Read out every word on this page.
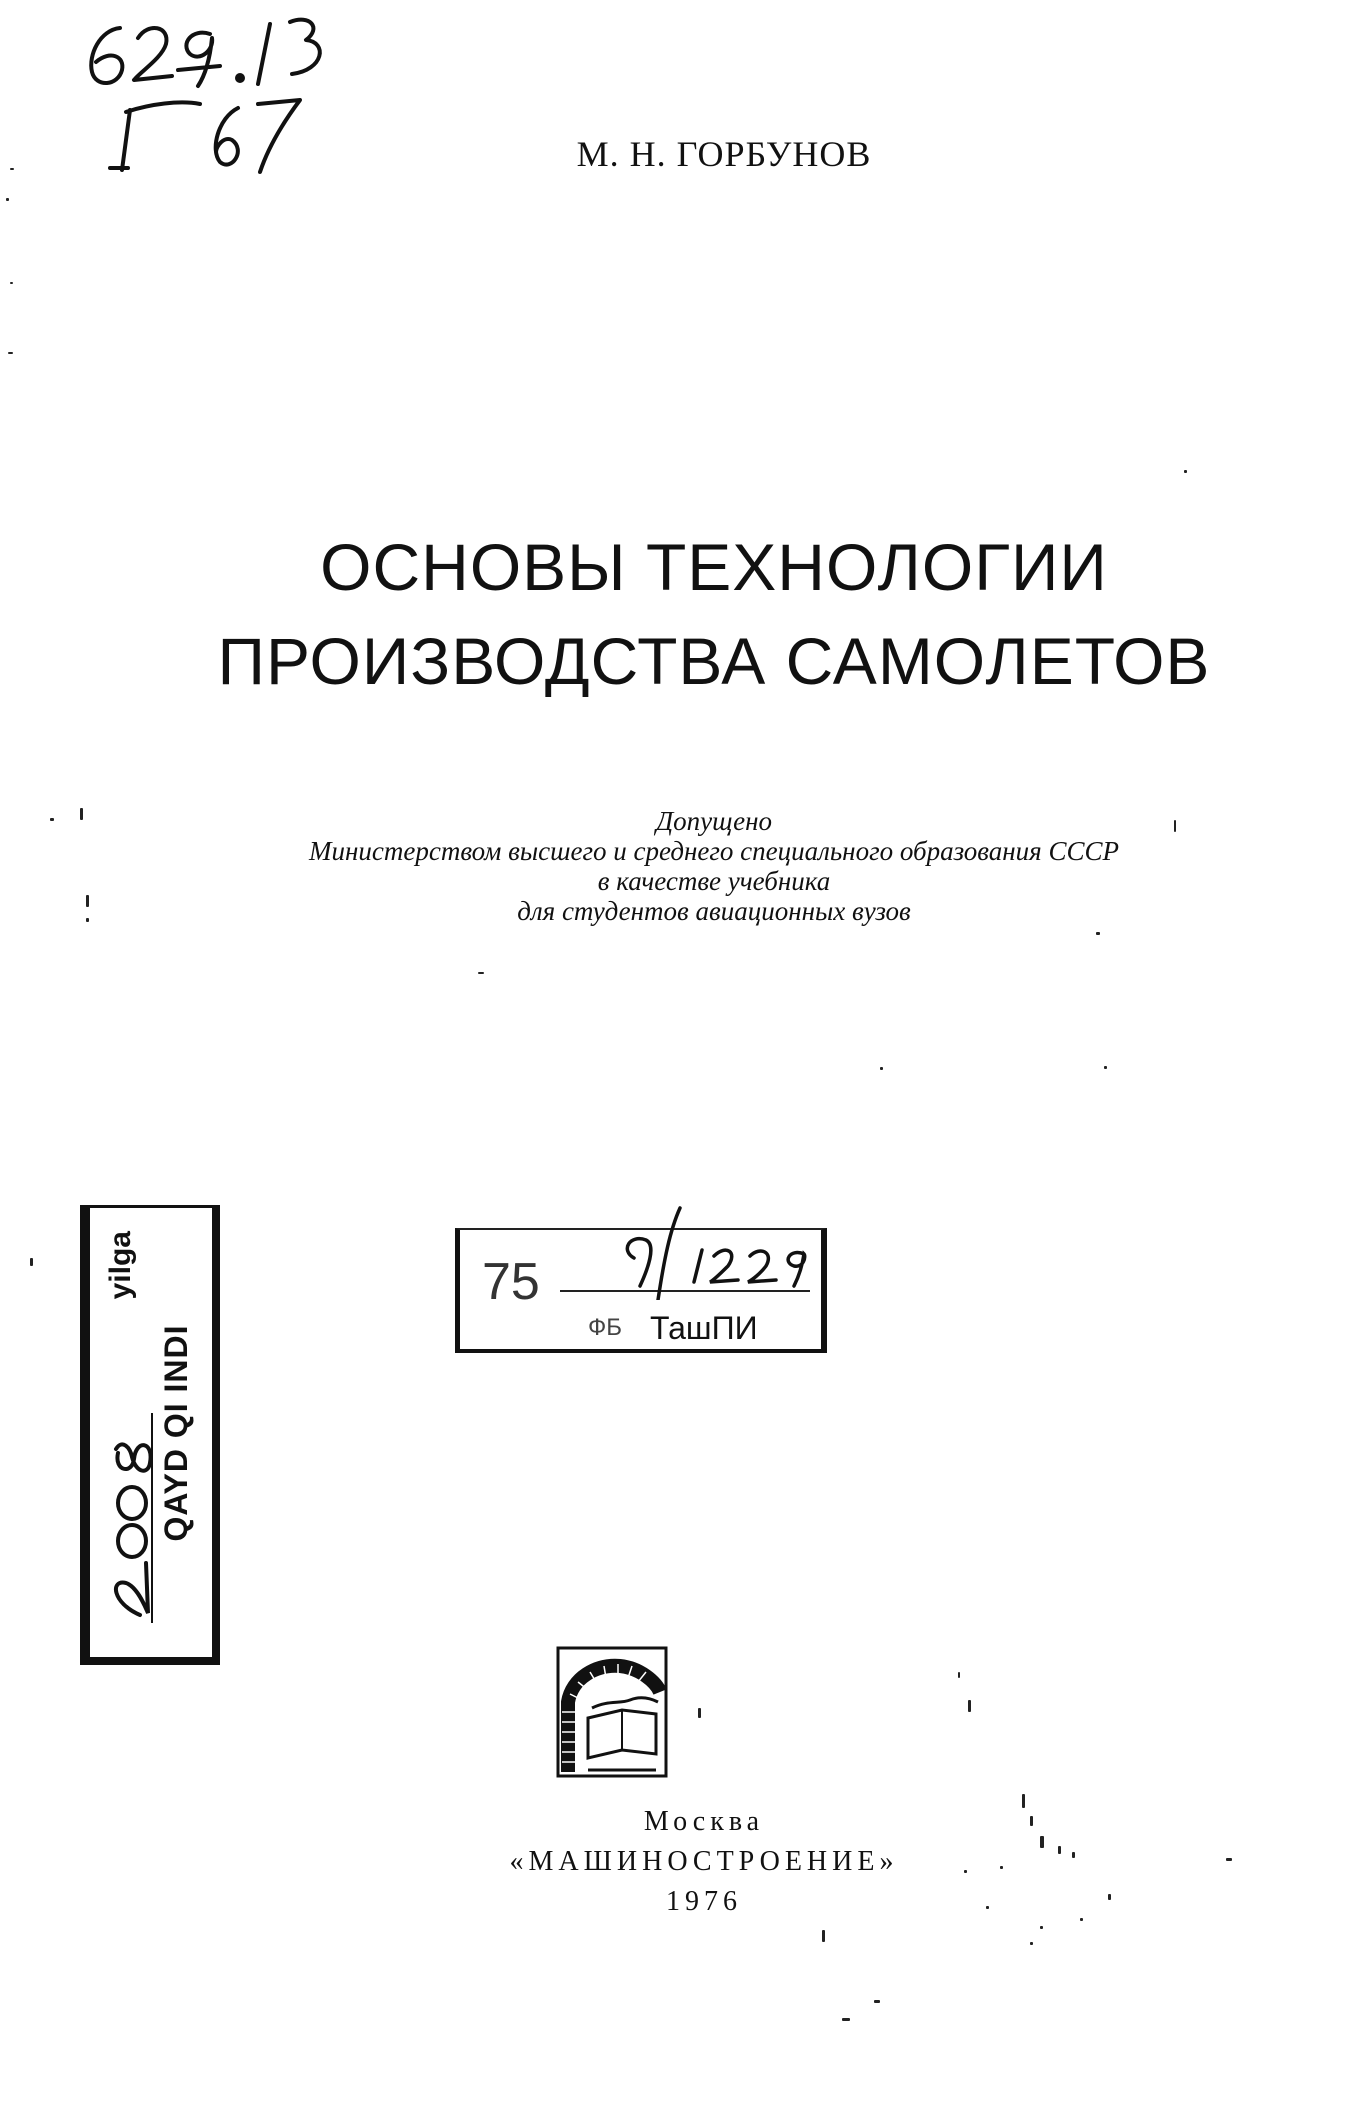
М. Н. ГОРБУНОВ
ОСНОВЫ ТЕХНОЛОГИИ
ПРОИЗВОДСТВА САМОЛЕТОВ
Допущено
Министерством высшего и среднего специального образования СССР
в качестве учебника
для студентов авиационных вузов
yilga
QAYD QI INDI
75
ФБ ТашПИ
Москва
«МАШИНОСТРОЕНИЕ»
1976
